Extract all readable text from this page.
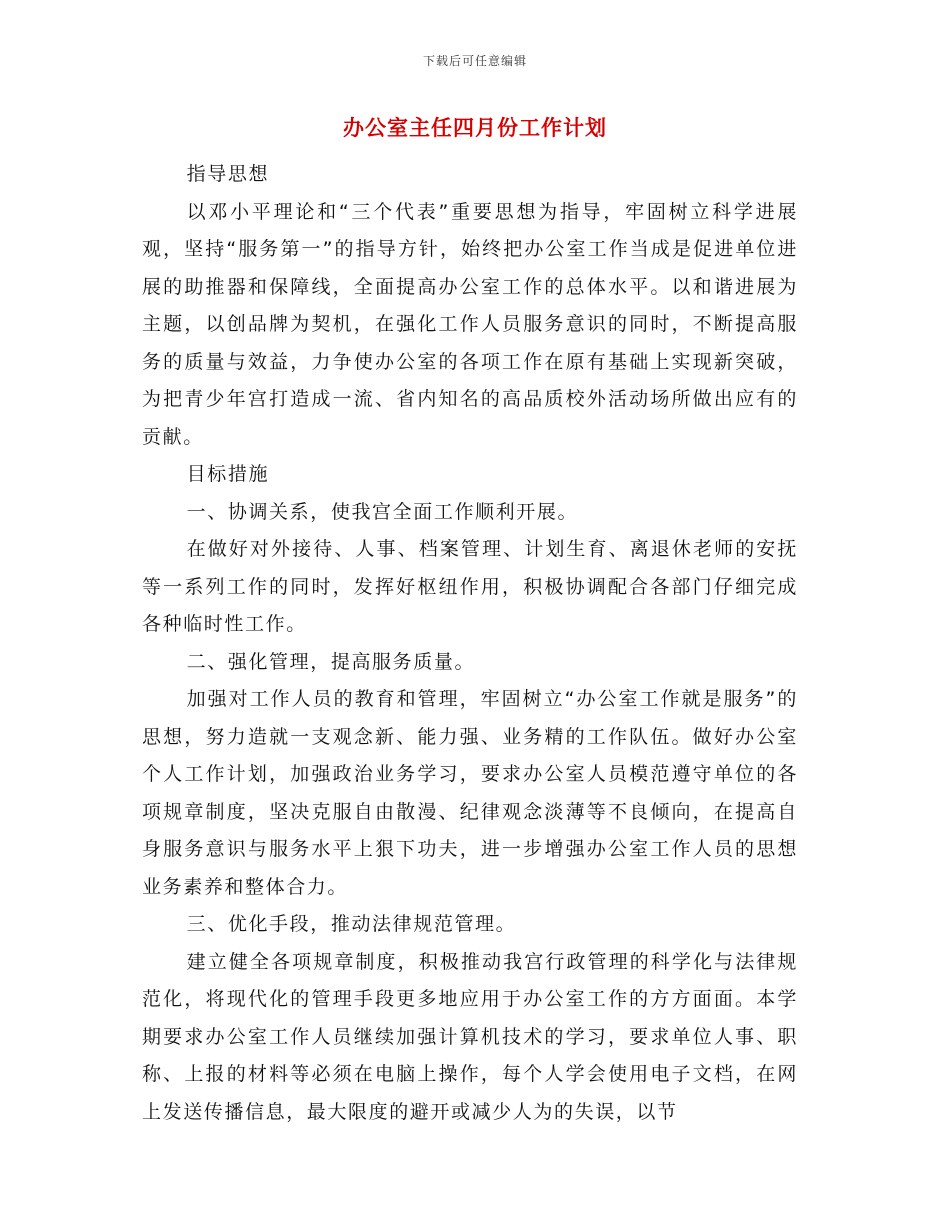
下载后可任意编辑
办公室主任四月份工作计划

指导思想

以邓小平理论和“三个代表”重要思想为指导，牢固树立科学进展观，坚持“服务第一”的指导方针，始终把办公室工作当成是促进单位进展的助推器和保障线，全面提高办公室工作的总体水平。以和谐进展为主题，以创品牌为契机，在强化工作人员服务意识的同时，不断提高服务的质量与效益，力争使办公室的各项工作在原有基础上实现新突破，为把青少年宫打造成一流、省内知名的高品质校外活动场所做出应有的贡献。

目标措施

一、协调关系，使我宫全面工作顺利开展。

在做好对外接待、人事、档案管理、计划生育、离退休老师的安抚等一系列工作的同时，发挥好枢纽作用，积极协调配合各部门仔细完成各种临时性工作。

二、强化管理，提高服务质量。

加强对工作人员的教育和管理，牢固树立“办公室工作就是服务”的思想，努力造就一支观念新、能力强、业务精的工作队伍。做好办公室个人工作计划，加强政治业务学习，要求办公室人员模范遵守单位的各项规章制度，坚决克服自由散漫、纪律观念淡薄等不良倾向，在提高自身服务意识与服务水平上狠下功夫，进一步增强办公室工作人员的思想业务素养和整体合力。

三、优化手段，推动法律规范管理。

建立健全各项规章制度，积极推动我宫行政管理的科学化与法律规范化，将现代化的管理手段更多地应用于办公室工作的方方面面。本学期要求办公室工作人员继续加强计算机技术的学习，要求单位人事、职称、上报的材料等必须在电脑上操作，每个人学会使用电子文档，在网上发送传播信息，最大限度的避开或减少人为的失误，以节
